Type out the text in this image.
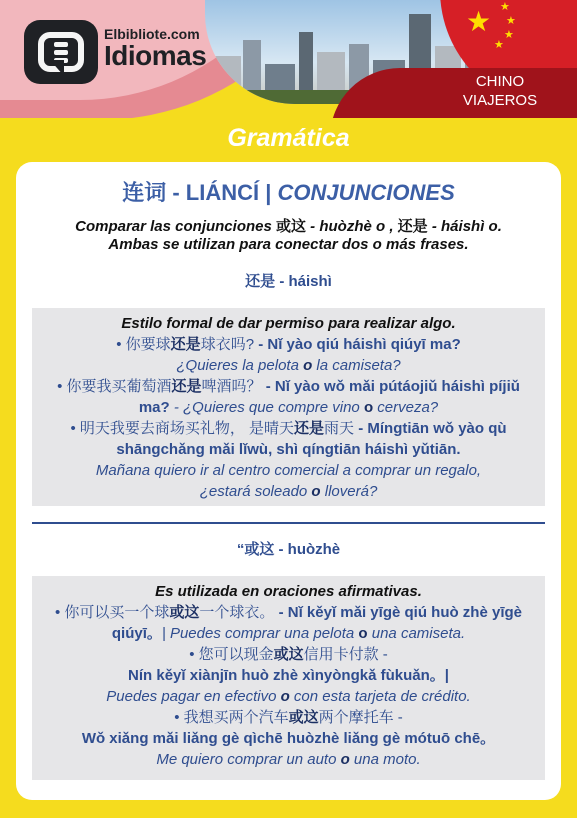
★ ★
★
★
★
CHINO
VIAJEROS
Elbibliote.com
Idiomas
Gramática
连词 - LIÁNCÍ | CONJUNCIONES
Comparar las conjunciones 或这 - huòzhè o , 还是 - háishì o.
Ambas se utilizan para conectar dos o más frases.
还是 - háishì
Estilo formal de dar permiso para realizar algo.
• 你要球还是球衣吗? - Nǐ yào qiú háishì qiúyī ma?
¿Quieres la pelota o la camiseta?
• 你要我买葡萄酒还是啤酒吗？ - Nǐ yào wǒ mǎi pútáojiǔ háishì píjiǔ ma? - ¿Quieres que compre vino o cerveza?
• 明天我要去商场买礼物， 是晴天还是雨天 - Míngtiān wǒ yào qù shāngchǎng mǎi lǐwù, shì qíngtiān háishì yǔtiān.
Mañana quiero ir al centro comercial a comprar un regalo,
¿estará soleado o lloverá?
“或这 - huòzhè
Es utilizada en oraciones afirmativas.
• 你可以买一个球或这一个球衣。 - Nǐ kěyǐ mǎi yīgè qiú huò zhè yīgè qiúyī。| Puedes comprar una pelota o una camiseta.
• 您可以现金或这信用卡付款 -
Nín kěyǐ xiànjīn huò zhè xìnyòngkǎ fùkuǎn。|
Puedes pagar en efectivo o con esta tarjeta de crédito.
• 我想买两个汽车或这两个摩托车 -
Wǒ xiǎng mǎi liǎng gè qìchē huòzhè liǎng gè mótuō chē。
Me quiero comprar un auto o una moto.
